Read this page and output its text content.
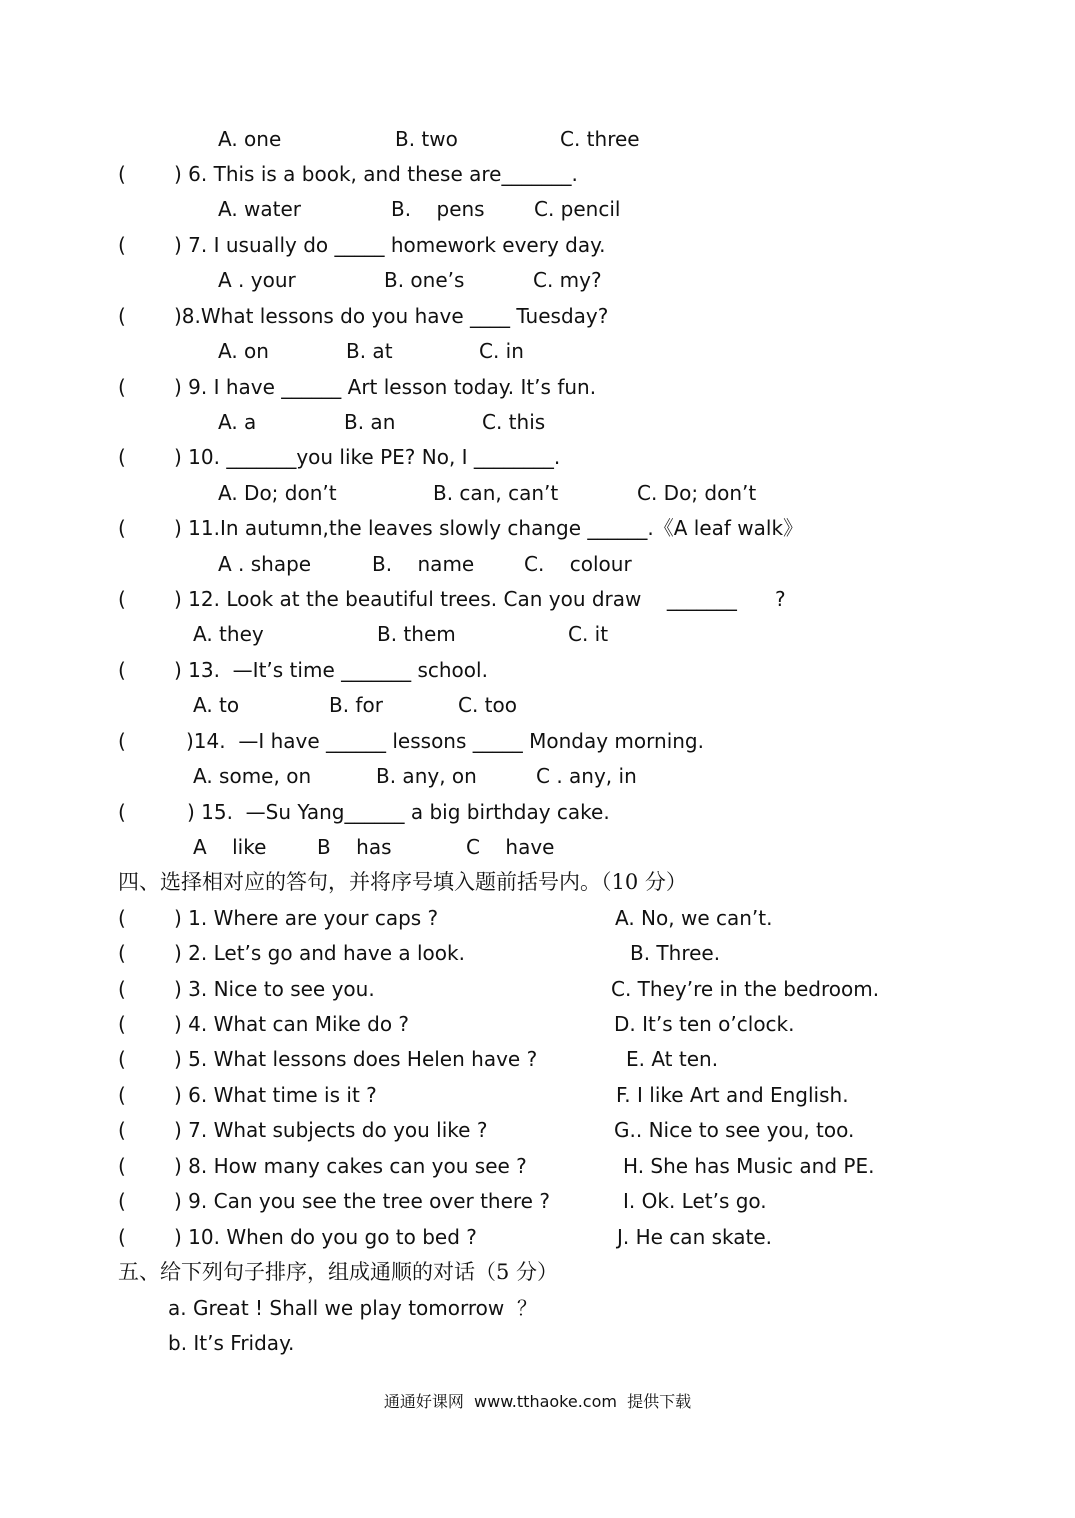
A. one	B. two	C. three
( ) 6. This is a book, and these are_______.
A. water	B.    pens C. pencil
( ) 7. I usually do _____ homework every day.
A . your	B. one’s	C. my?
( )8.What lessons do you have ____ Tuesday?
A. on	B. at	C. in
( ) 9. I have ______ Art lesson today. It’s fun.
A. a	B. an	C. this
( ) 10. _______you like PE? No, I ________.
A. Do; don’t	B. can, can’t	C. Do; don’t
( ) 11.In autumn,the leaves slowly change ______.《A leaf walk》
A . shape	B.    name C.    colour
( ) 12. Look at the beautiful trees. Can you draw    _______      ?
A. they	B. them	C. it
( ) 13.  —It’s time _______ school.
A. to	B. for	C. too
(	)14.  —I have ______ lessons _____ Monday morning.
A. some, on	B. any, on	C . any, in
(	) 15.  —Su Yang______ a big birthday cake.
A    like	B    has	C    have
四、选择相对应的答句，并将序号填入题前括号内。（10 分）
( ) 1. Where are your caps ?	A. No, we can’t.
( ) 2. Let’s go and have a look.	B. Three.
( ) 3. Nice to see you.	C. They’re in the bedroom.
( ) 4. What can Mike do ?	D. It’s ten o’clock.
( ) 5. What lessons does Helen have ?	E. At ten.
( ) 6. What time is it ?	F. I like Art and English.
( ) 7. What subjects do you like ?	G.. Nice to see you, too.
( ) 8. How many cakes can you see ?	H. She has Music and PE.
( ) 9. Can you see the tree over there ?	I. Ok. Let’s go.
( ) 10. When do you go to bed ?	J. He can skate.
五、给下列句子排序，组成通顺的对话（5 分）
a. Great ! Shall we play tomorrow  ？
b. It’s Friday.
通通好课网  www.tthaoke.com  提供下载
